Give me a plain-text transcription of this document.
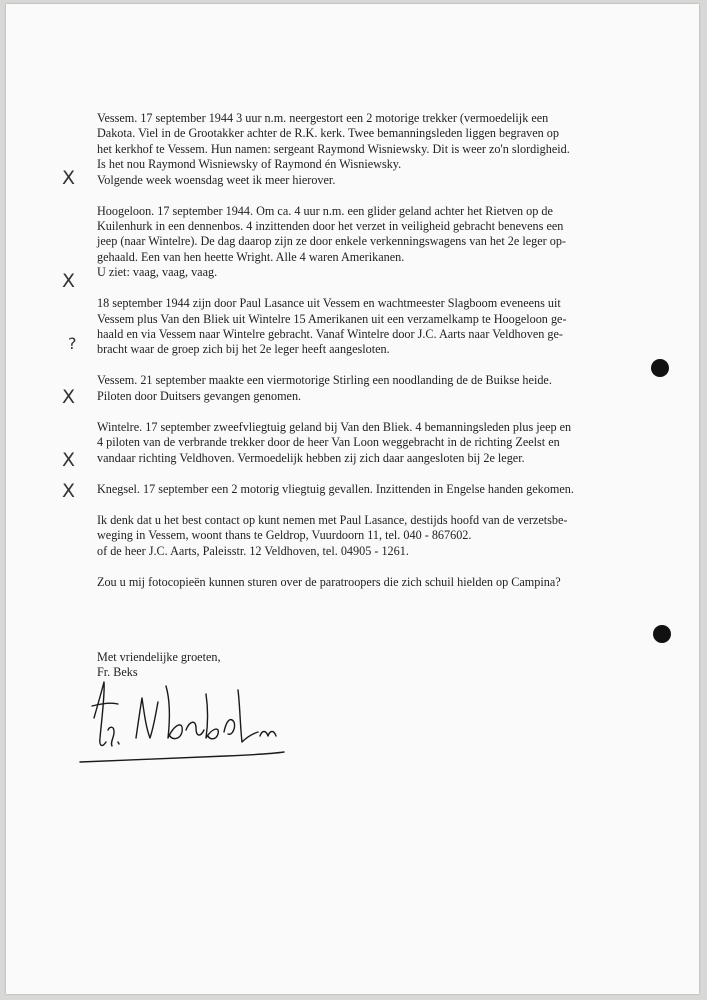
Vessem. 17 september 1944 3 uur n.m. neergestort een 2 motorige trekker (vermoedelijk een
Dakota. Viel in de Grootakker achter de R.K. kerk. Twee bemanningsleden liggen begraven op
het kerkhof te Vessem. Hun namen: sergeant Raymond Wisniewsky. Dit is weer zo'n slordigheid.
Is het nou Raymond Wisniewsky of Raymond én Wisniewsky.
Volgende week woensdag weet ik meer hierover.
Hoogeloon. 17 september 1944. Om ca. 4 uur n.m. een glider geland achter het Rietven op de
Kuilenhurk in een dennenbos. 4 inzittenden door het verzet in veiligheid gebracht benevens een
jeep (naar Wintelre). De dag daarop zijn ze door enkele verkenningswagens van het 2e leger op-
gehaald. Een van hen heette Wright. Alle 4 waren Amerikanen.
U ziet: vaag, vaag, vaag.
18 september 1944 zijn door Paul Lasance uit Vessem en wachtmeester Slagboom eveneens uit
Vessem plus Van den Bliek uit Wintelre 15 Amerikanen uit een verzamelkamp te Hoogeloon ge-
haald en via Vessem naar Wintelre gebracht. Vanaf Wintelre door J.C. Aarts naar Veldhoven ge-
bracht waar de groep zich bij het 2e leger heeft aangesloten.
Vessem. 21 september maakte een viermotorige Stirling een noodlanding de de Buikse heide.
Piloten door Duitsers gevangen genomen.
Wintelre. 17 september zweefvliegtuig geland bij Van den Bliek. 4 bemanningsleden plus jeep en
4 piloten van de verbrande trekker door de heer Van Loon weggebracht in de richting Zeelst en
vandaar richting Veldhoven. Vermoedelijk hebben zij zich daar aangesloten bij 2e leger.
Knegsel. 17 september een 2 motorig vliegtuig gevallen. Inzittenden in Engelse handen gekomen.
Ik denk dat u het best contact op kunt nemen met Paul Lasance, destijds hoofd van de verzetsbe-
weging in Vessem, woont thans te Geldrop, Vuurdoorn 11, tel. 040 - 867602.
of de heer J.C. Aarts, Paleisstr. 12 Veldhoven, tel. 04905 - 1261.
Zou u mij fotocopieën kunnen sturen over de paratroopers die zich schuil hielden op Campina?
X
X
?
X
X
X
Met vriendelijke groeten,
Fr. Beks
